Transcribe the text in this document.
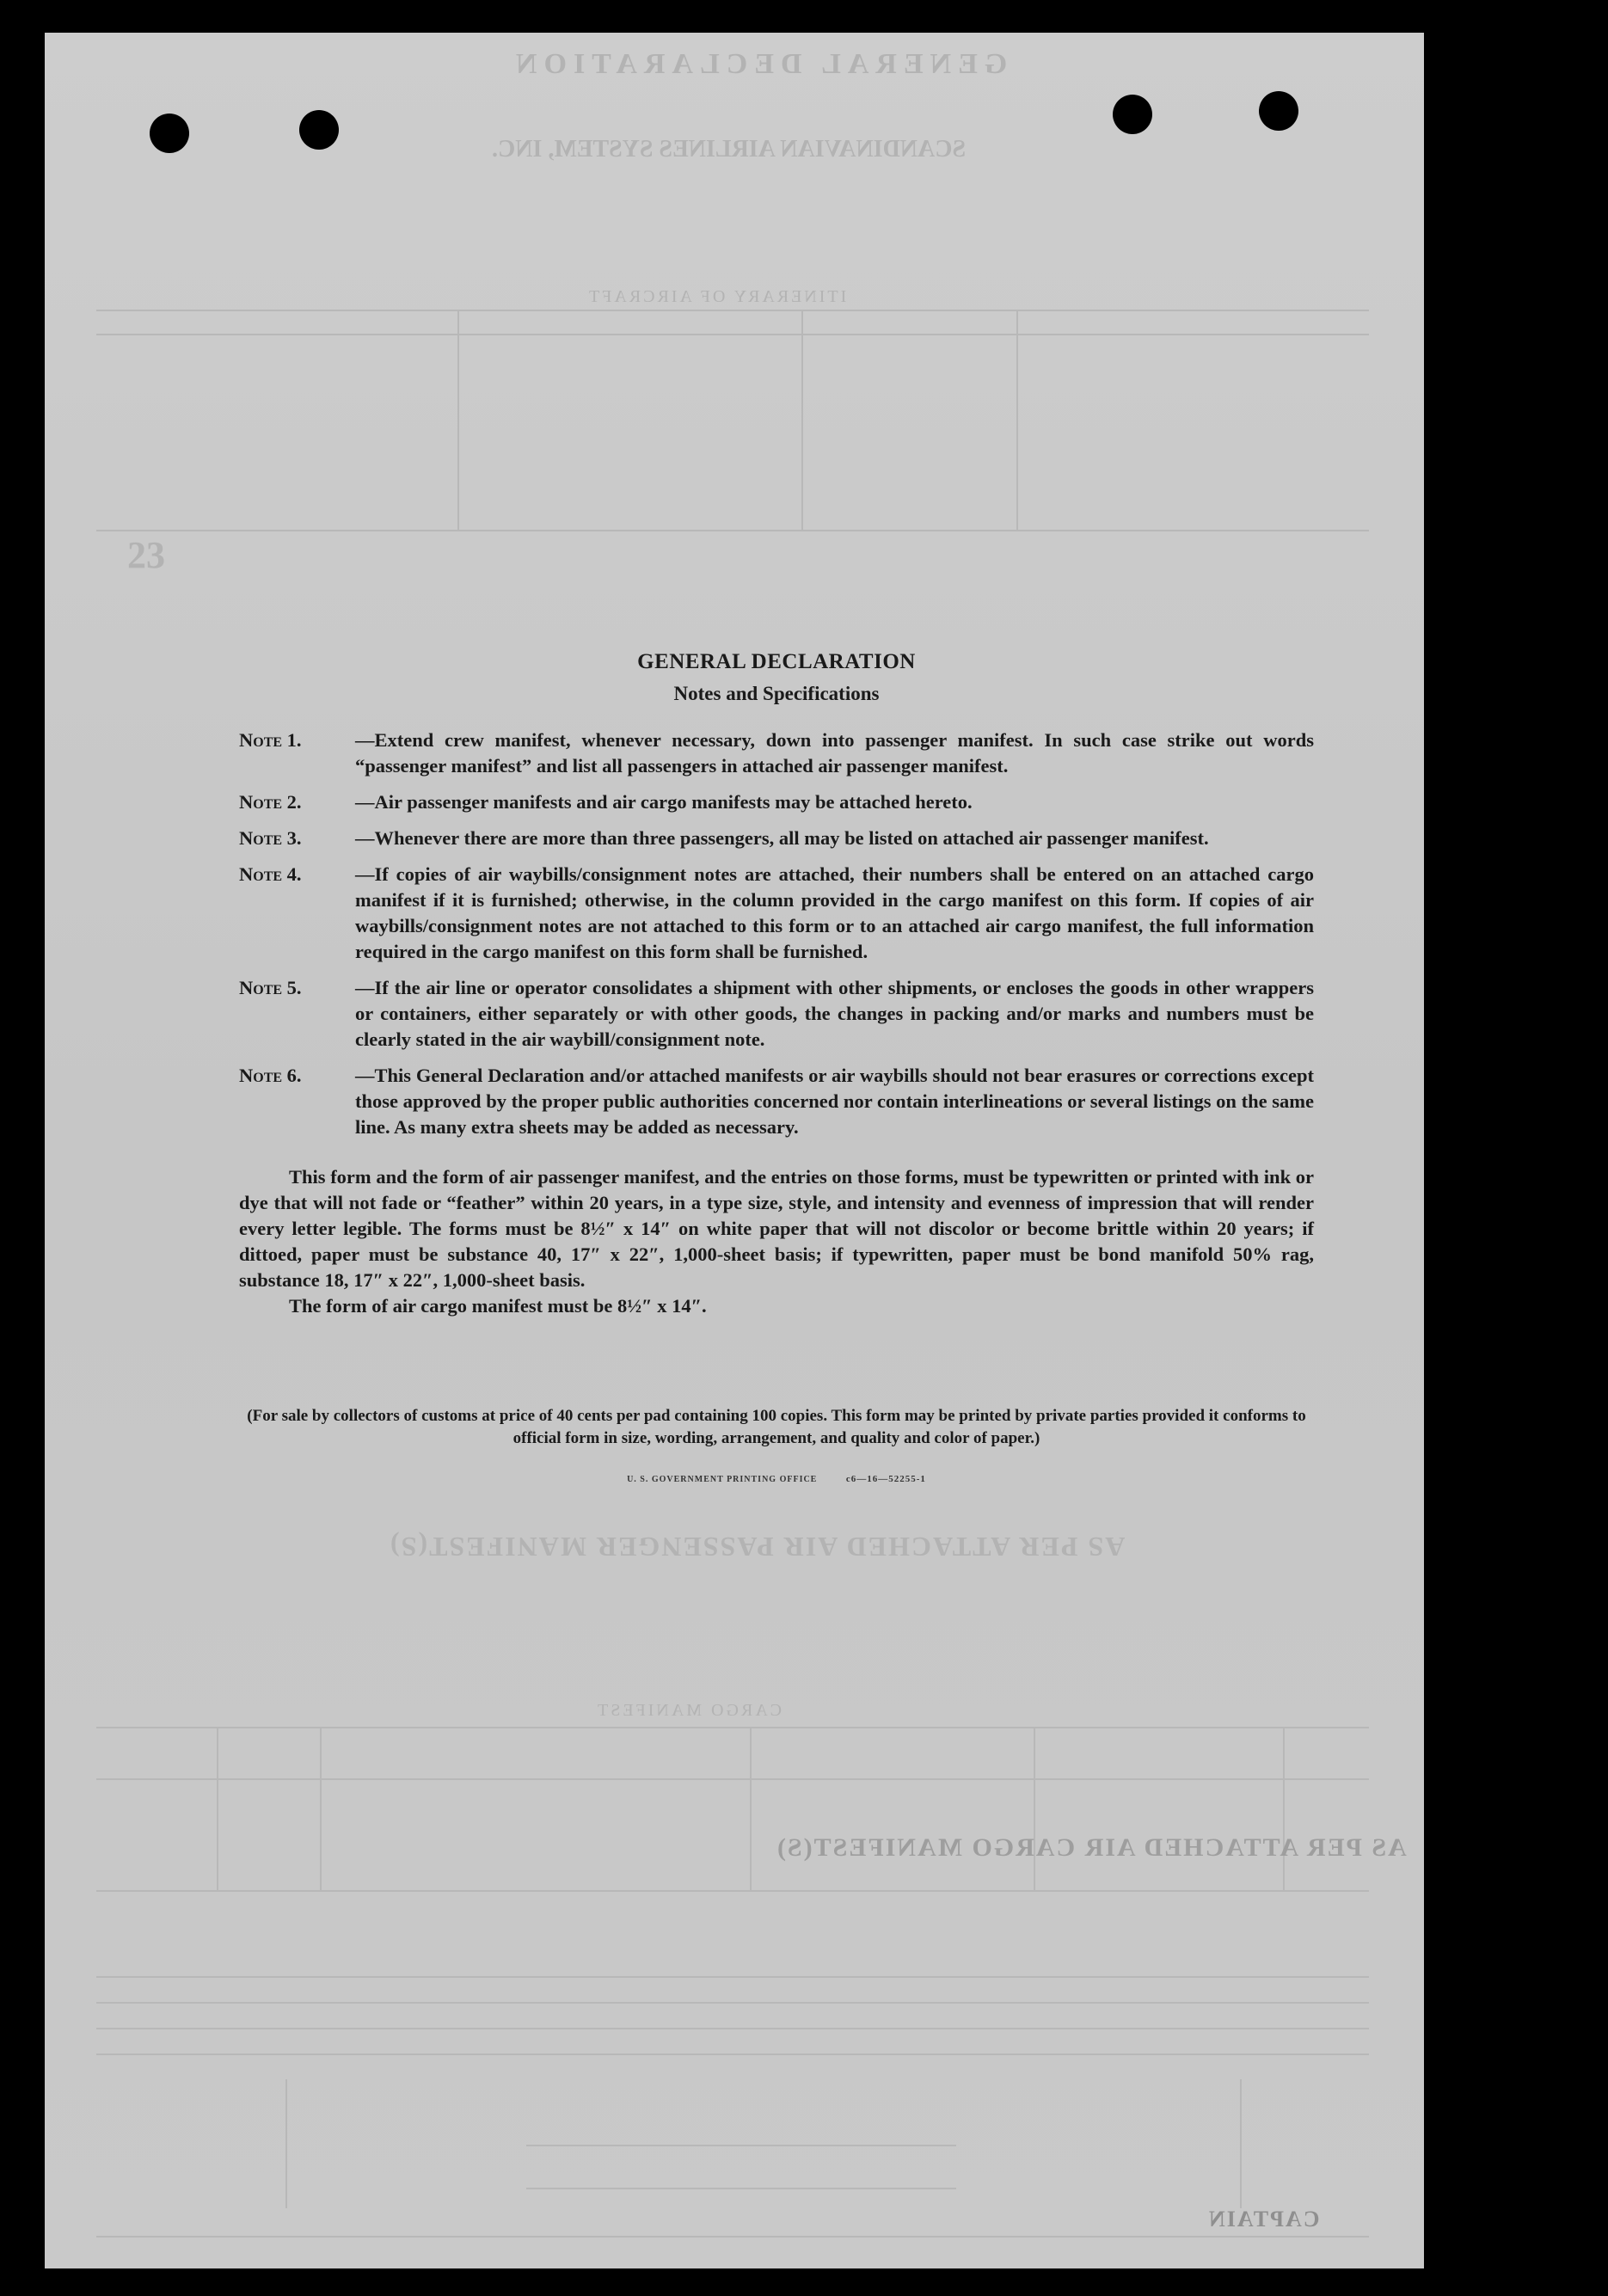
GENERAL DECLARATION
SCANDINAVIAN AIRLINES SYSTEM, INC.
ITINERARY OF AIRCRAFT
23
AS PER ATTACHED AIR PASSENGER MANIFEST(S)
CARGO MANIFEST
AS PER ATTACHED AIR CARGO MANIFEST(S)
CAPTAIN
GENERAL DECLARATION
Notes and Specifications
Note 1.	—Extend crew manifest, whenever necessary, down into passenger manifest. In such case strike out words “passenger manifest” and list all passengers in attached air passenger manifest.
Note 2.	—Air passenger manifests and air cargo manifests may be attached hereto.
Note 3.	—Whenever there are more than three passengers, all may be listed on attached air passenger manifest.
Note 4.	—If copies of air waybills/consignment notes are attached, their numbers shall be entered on an attached cargo manifest if it is furnished; otherwise, in the column provided in the cargo manifest on this form. If copies of air waybills/consignment notes are not attached to this form or to an attached air cargo manifest, the full information required in the cargo manifest on this form shall be furnished.
Note 5.	—If the air line or operator consolidates a shipment with other shipments, or encloses the goods in other wrappers or containers, either separately or with other goods, the changes in packing and/or marks and numbers must be clearly stated in the air waybill/consignment note.
Note 6.	—This General Declaration and/or attached manifests or air waybills should not bear erasures or corrections except those approved by the proper public authorities concerned nor contain interlineations or several listings on the same line. As many extra sheets may be added as necessary.
This form and the form of air passenger manifest, and the entries on those forms, must be typewritten or printed with ink or dye that will not fade or “feather” within 20 years, in a type size, style, and intensity and evenness of impression that will render every letter legible. The forms must be 8½″ x 14″ on white paper that will not discolor or become brittle within 20 years; if dittoed, paper must be substance 40, 17″ x 22″, 1,000-sheet basis; if typewritten, paper must be bond manifold 50% rag, substance 18, 17″ x 22″, 1,000-sheet basis.
The form of air cargo manifest must be 8½″ x 14″.
(For sale by collectors of customs at price of 40 cents per pad containing 100 copies. This form may be printed by private parties provided it conforms to official form in size, wording, arrangement, and quality and color of paper.)
U. S. GOVERNMENT PRINTING OFFICE	c6—16—52255-1
